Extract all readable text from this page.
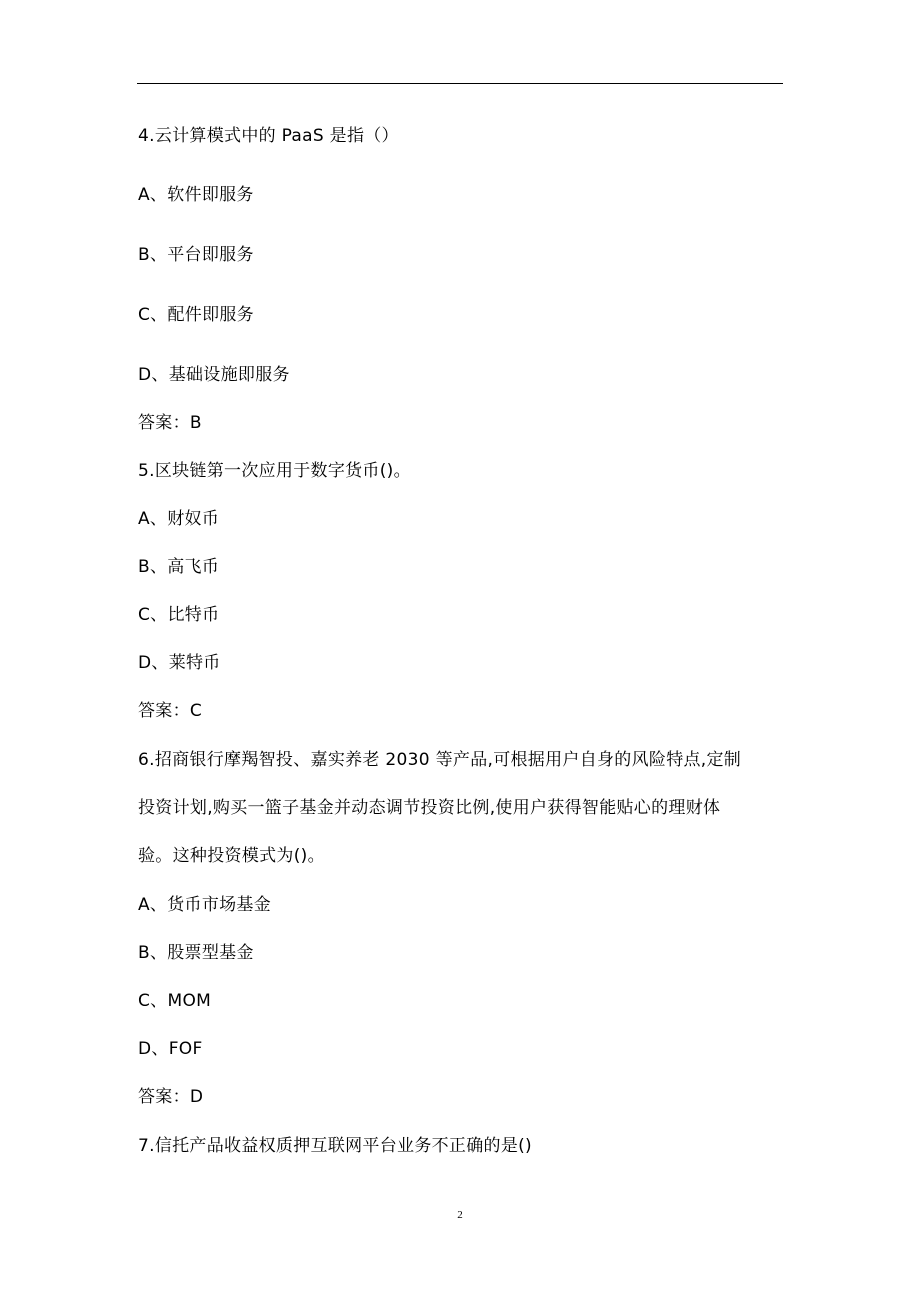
4.云计算模式中的 PaaS 是指（）
A、软件即服务
B、平台即服务
C、配件即服务
D、基础设施即服务
答案：B
5.区块链第一次应用于数字货币()。
A、财奴币
B、高飞币
C、比特币
D、莱特币
答案：C
6.招商银行摩羯智投、嘉实养老 2030 等产品,可根据用户自身的风险特点,定制
投资计划,购买一篮子基金并动态调节投资比例,使用户获得智能贴心的理财体
验。这种投资模式为()。
A、货币市场基金
B、股票型基金
C、MOM
D、FOF
答案：D
7.信托产品收益权质押互联网平台业务不正确的是()
2
